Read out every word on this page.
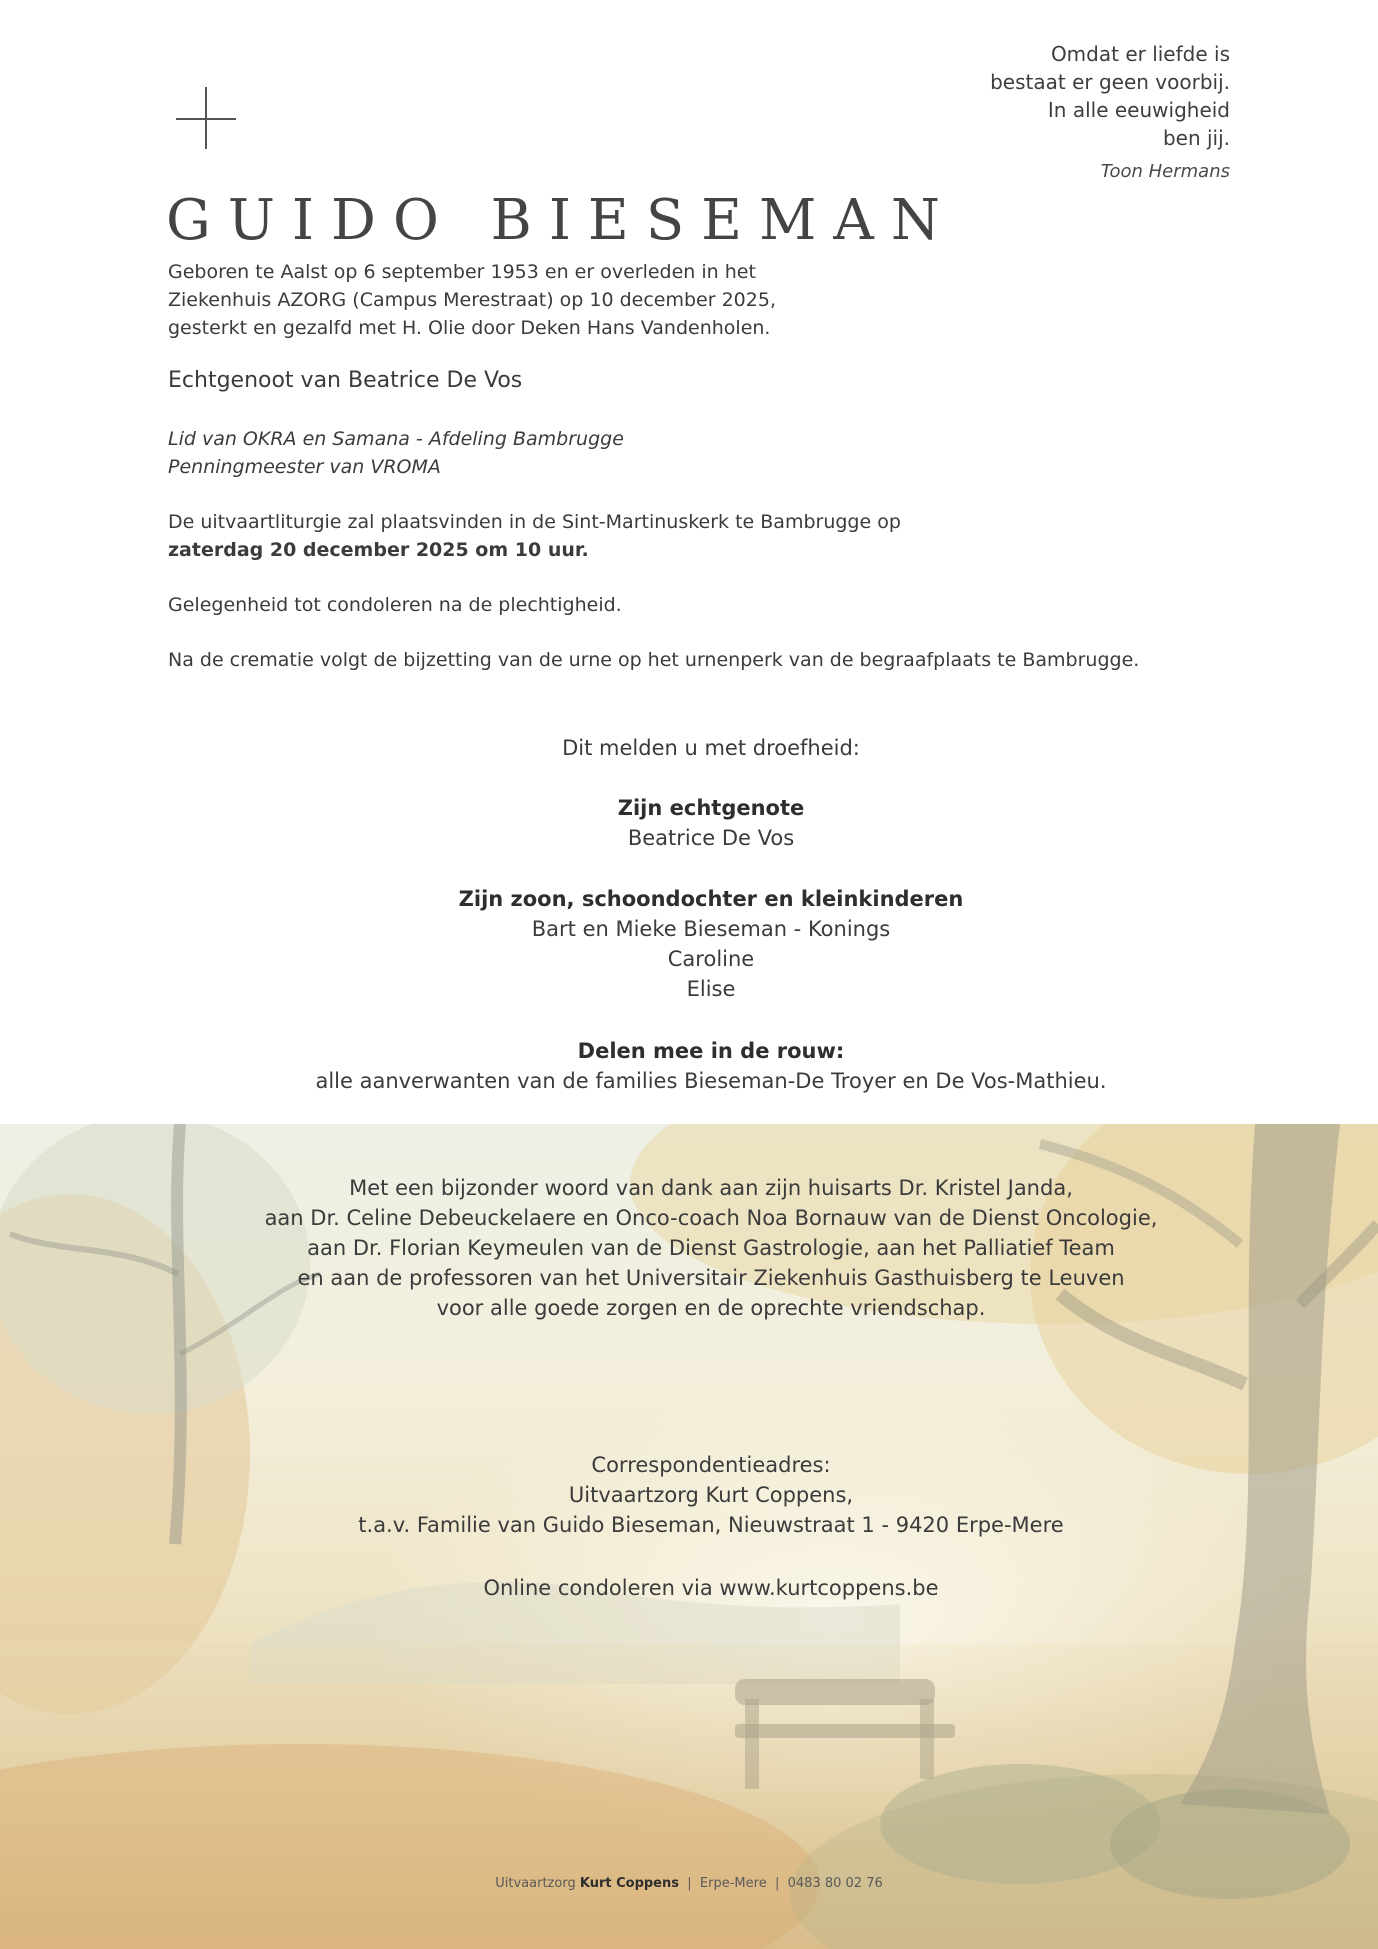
Omdat er liefde is
bestaat er geen voorbij.
In alle eeuwigheid
ben jij.
Toon Hermans
GUIDO BIESEMAN
Geboren te Aalst op 6 september 1953 en er overleden in het
Ziekenhuis AZORG (Campus Merestraat) op 10 december 2025,
gesterkt en gezalfd met H. Olie door Deken Hans Vandenholen.
Echtgenoot van Beatrice De Vos
Lid van OKRA en Samana - Afdeling Bambrugge
Penningmeester van VROMA
De uitvaartliturgie zal plaatsvinden in de Sint-Martinuskerk te Bambrugge op
zaterdag 20 december 2025 om 10 uur.
Gelegenheid tot condoleren na de plechtigheid.
Na de crematie volgt de bijzetting van de urne op het urnenperk van de begraafplaats te Bambrugge.
Dit melden u met droefheid:
Zijn echtgenote
Beatrice De Vos
Zijn zoon, schoondochter en kleinkinderen
Bart en Mieke Bieseman - Konings
Caroline
Elise
Delen mee in de rouw:
alle aanverwanten van de families Bieseman-De Troyer en De Vos-Mathieu.
Met een bijzonder woord van dank aan zijn huisarts Dr. Kristel Janda,
aan Dr. Celine Debeuckelaere en Onco-coach Noa Bornauw van de Dienst Oncologie,
aan Dr. Florian Keymeulen van de Dienst Gastrologie, aan het Palliatief Team
en aan de professoren van het Universitair Ziekenhuis Gasthuisberg te Leuven
voor alle goede zorgen en de oprechte vriendschap.
Correspondentieadres:
Uitvaartzorg Kurt Coppens,
t.a.v. Familie van Guido Bieseman, Nieuwstraat 1 - 9420 Erpe-Mere
Online condoleren via www.kurtcoppens.be
Uitvaartzorg Kurt Coppens | Erpe-Mere | 0483 80 02 76
